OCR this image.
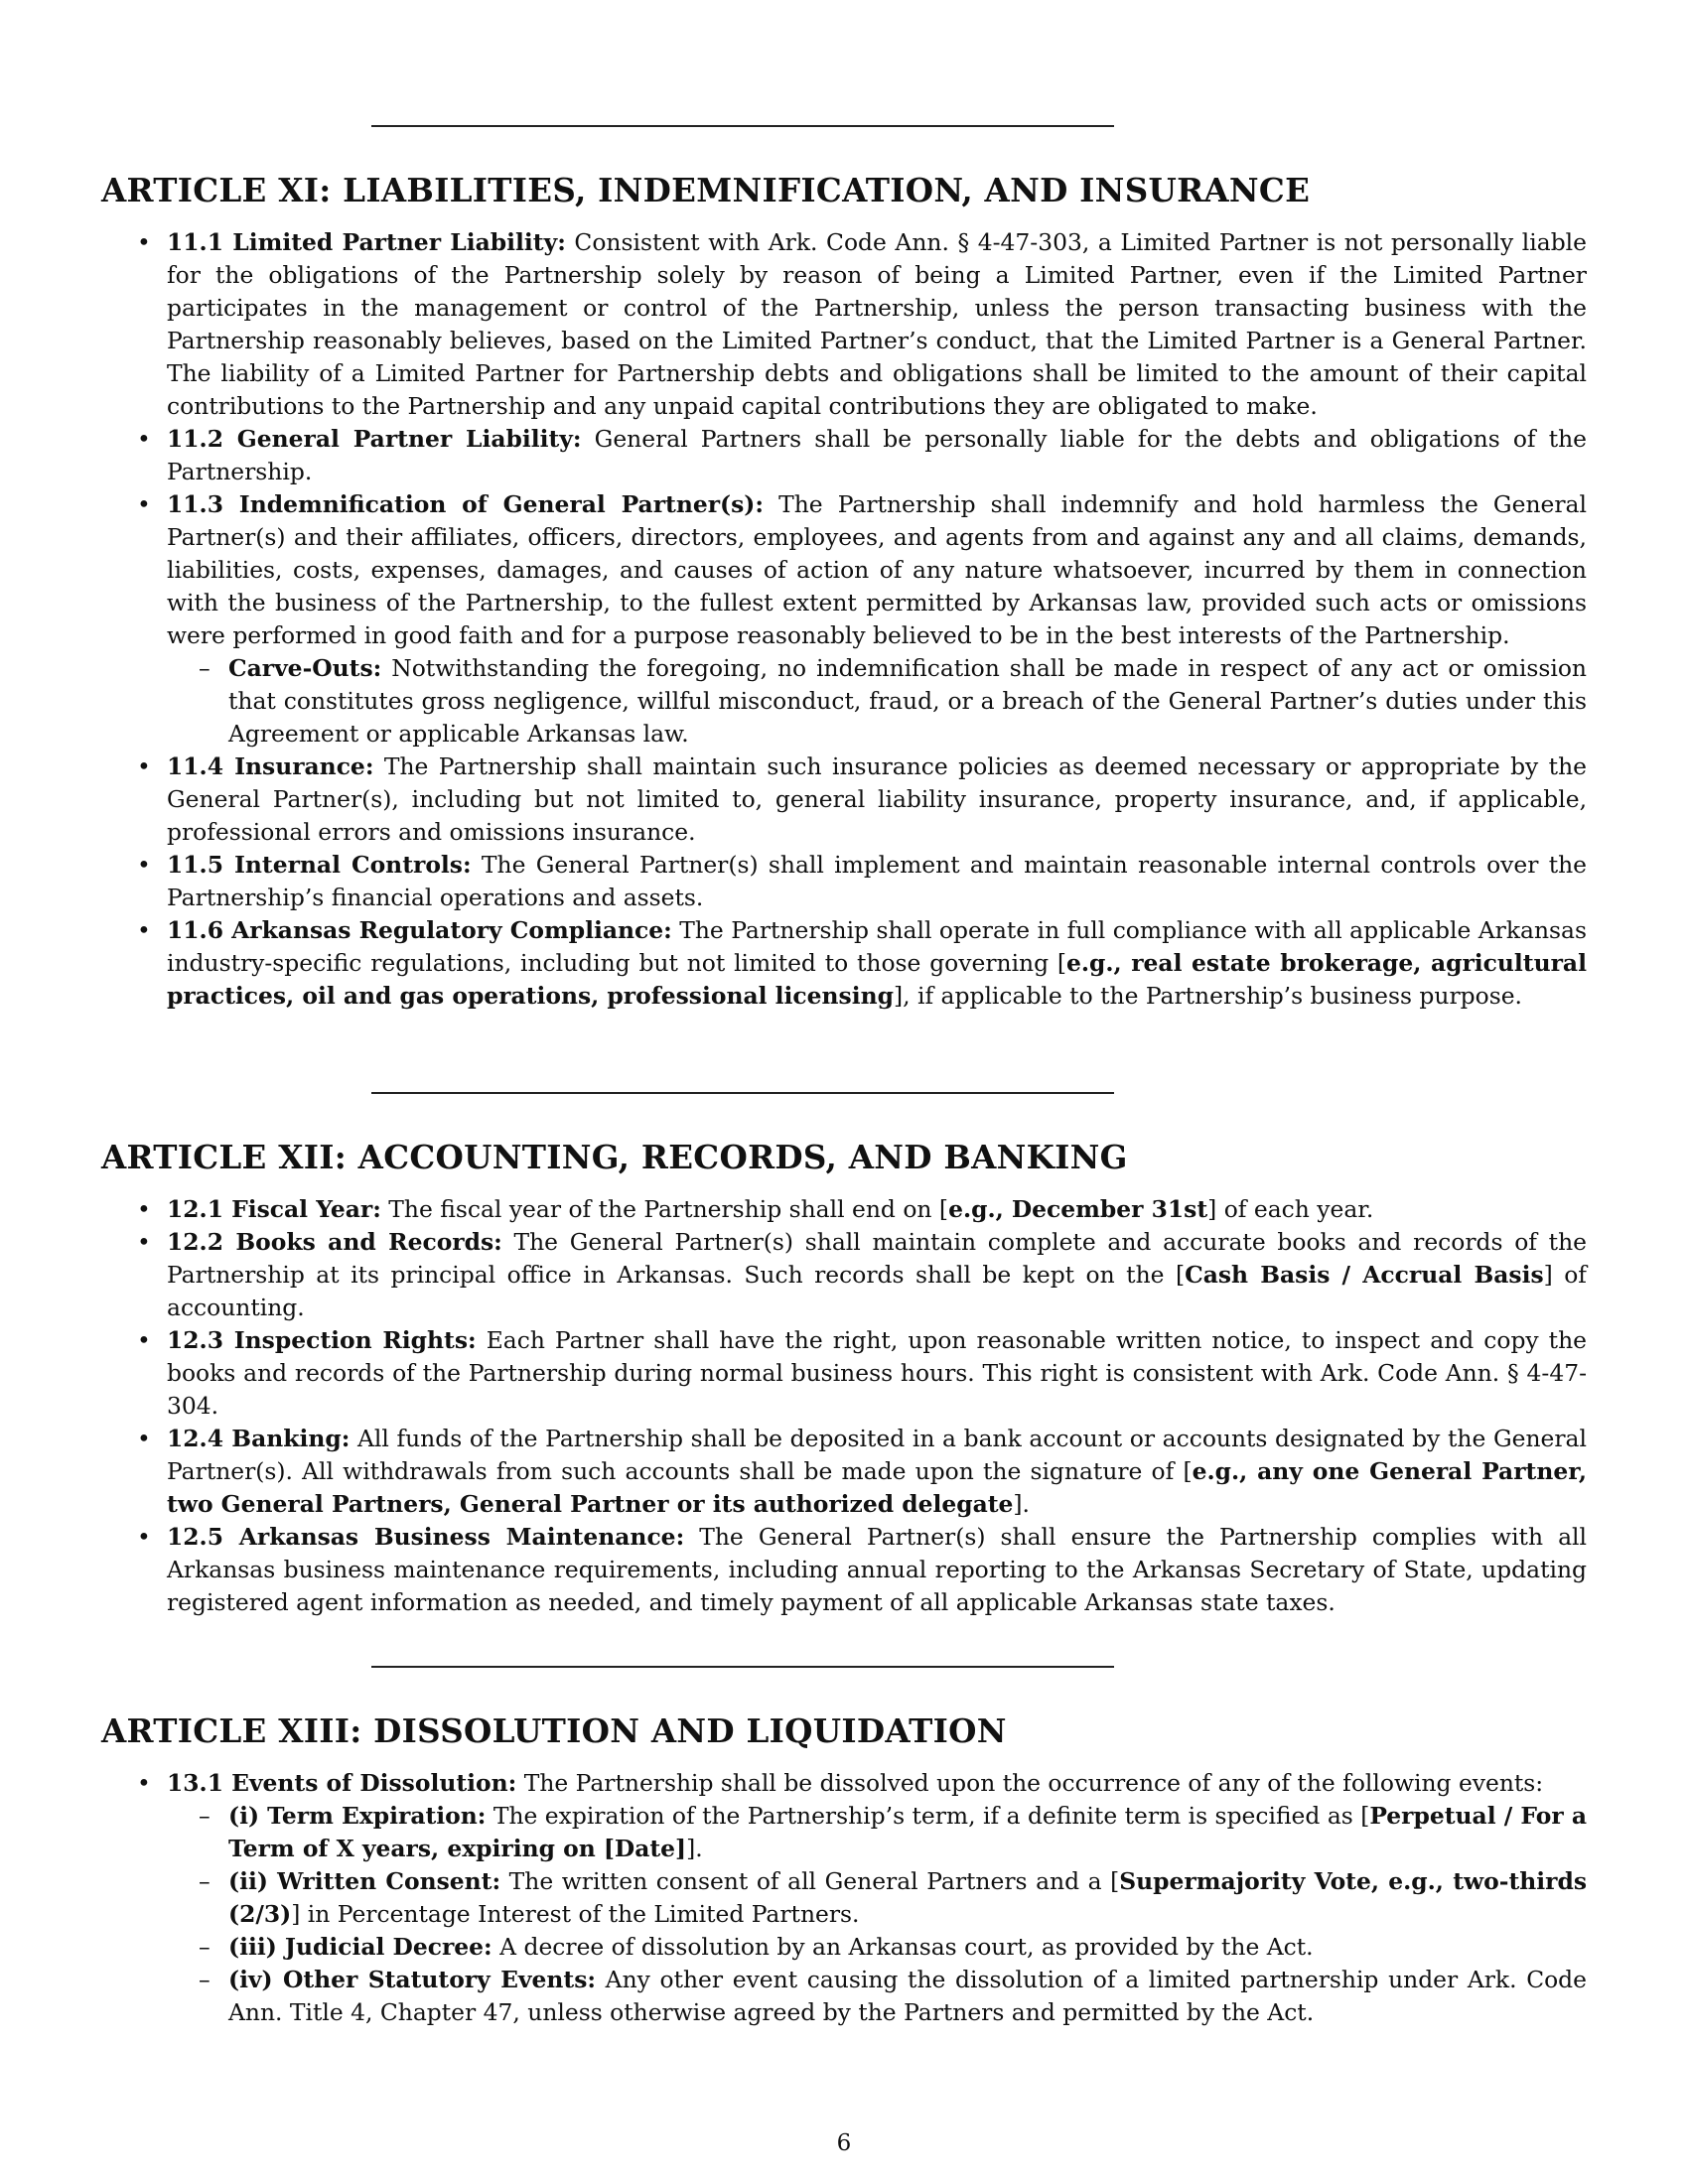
ARTICLE XI: LIABILITIES, INDEMNIFICATION, AND INSURANCE
• 11.1 Limited Partner Liability: Consistent with Ark. Code Ann. § 4-47-303, a Limited Partner is not personally liable for the obligations of the Partnership solely by reason of being a Limited Partner, even if the Limited Partner participates in the management or control of the Partnership, unless the person transacting business with the Partnership reasonably believes, based on the Limited Partner’s conduct, that the Limited Partner is a General Partner. The liability of a Limited Partner for Partnership debts and obligations shall be limited to the amount of their capital contributions to the Partnership and any unpaid capital contributions they are obligated to make.
• 11.2 General Partner Liability: General Partners shall be personally liable for the debts and obligations of the Partnership.
• 11.3 Indemnification of General Partner(s): The Partnership shall indemnify and hold harmless the General Partner(s) and their affiliates, officers, directors, employees, and agents from and against any and all claims, demands, liabilities, costs, expenses, damages, and causes of action of any nature whatsoever, incurred by them in connection with the business of the Partnership, to the fullest extent permitted by Arkansas law, provided such acts or omissions were performed in good faith and for a purpose reasonably believed to be in the best interests of the Partnership.
– Carve-Outs: Notwithstanding the foregoing, no indemnification shall be made in respect of any act or omission that constitutes gross negligence, willful misconduct, fraud, or a breach of the General Partner’s duties under this Agreement or applicable Arkansas law.
• 11.4 Insurance: The Partnership shall maintain such insurance policies as deemed necessary or appropriate by the General Partner(s), including but not limited to, general liability insurance, property insurance, and, if applicable, professional errors and omissions insurance.
• 11.5 Internal Controls: The General Partner(s) shall implement and maintain reasonable internal controls over the Partnership’s financial operations and assets.
• 11.6 Arkansas Regulatory Compliance: The Partnership shall operate in full compliance with all applicable Arkansas industry-specific regulations, including but not limited to those governing [e.g., real estate brokerage, agricultural practices, oil and gas operations, professional licensing], if applicable to the Partnership’s business purpose.
ARTICLE XII: ACCOUNTING, RECORDS, AND BANKING
• 12.1 Fiscal Year: The fiscal year of the Partnership shall end on [e.g., December 31st] of each year.
• 12.2 Books and Records: The General Partner(s) shall maintain complete and accurate books and records of the Partnership at its principal office in Arkansas. Such records shall be kept on the [Cash Basis / Accrual Basis] of accounting.
• 12.3 Inspection Rights: Each Partner shall have the right, upon reasonable written notice, to inspect and copy the books and records of the Partnership during normal business hours. This right is consistent with Ark. Code Ann. § 4-47-304.
• 12.4 Banking: All funds of the Partnership shall be deposited in a bank account or accounts designated by the General Partner(s). All withdrawals from such accounts shall be made upon the signature of [e.g., any one General Partner, two General Partners, General Partner or its authorized delegate].
• 12.5 Arkansas Business Maintenance: The General Partner(s) shall ensure the Partnership complies with all Arkansas business maintenance requirements, including annual reporting to the Arkansas Secretary of State, updating registered agent information as needed, and timely payment of all applicable Arkansas state taxes.
ARTICLE XIII: DISSOLUTION AND LIQUIDATION
• 13.1 Events of Dissolution: The Partnership shall be dissolved upon the occurrence of any of the following events:
– (i) Term Expiration: The expiration of the Partnership’s term, if a definite term is specified as [Perpetual / For a Term of X years, expiring on [Date]].
– (ii) Written Consent: The written consent of all General Partners and a [Supermajority Vote, e.g., two-thirds (2/3)] in Percentage Interest of the Limited Partners.
– (iii) Judicial Decree: A decree of dissolution by an Arkansas court, as provided by the Act.
– (iv) Other Statutory Events: Any other event causing the dissolution of a limited partnership under Ark. Code Ann. Title 4, Chapter 47, unless otherwise agreed by the Partners and permitted by the Act.
6
